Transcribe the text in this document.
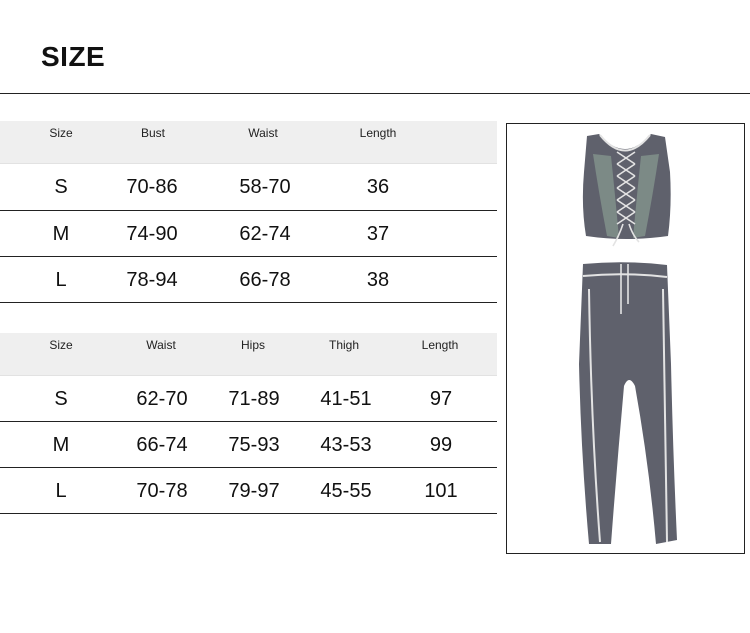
SIZE
Size	Bust	Waist	Length
S	70-86	58-70	36
M	74-90	62-74	37
L	78-94	66-78	38
Size	Waist	Hips	Thigh	Length
S	62-70 71-89 41-51	97
M	66-74 75-93 43-53	99
L	70-78 79-97 45-55	101
